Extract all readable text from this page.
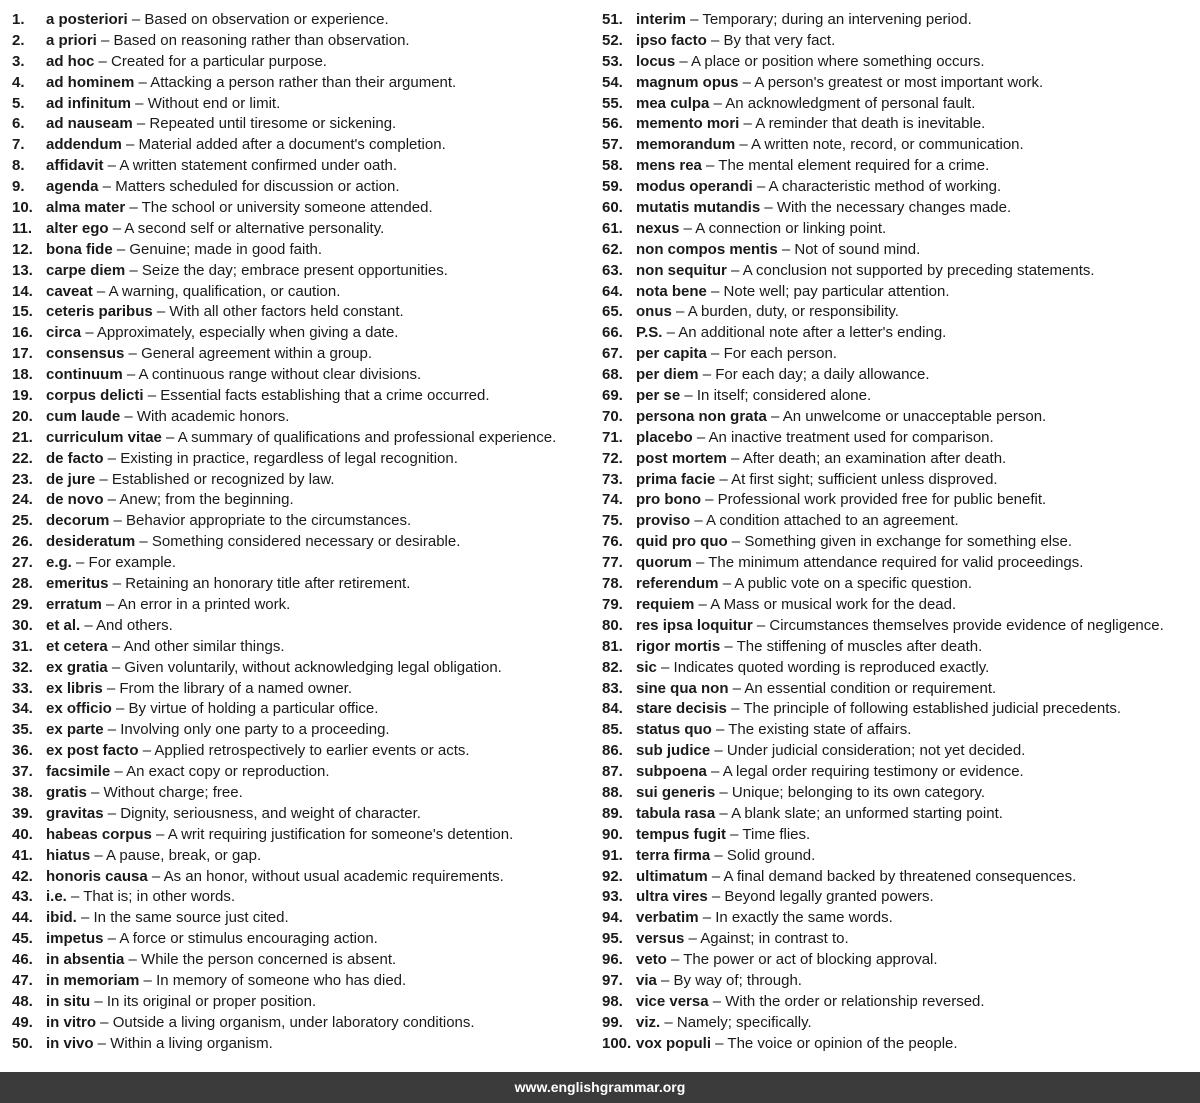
1. a posteriori – Based on observation or experience.
2. a priori – Based on reasoning rather than observation.
3. ad hoc – Created for a particular purpose.
4. ad hominem – Attacking a person rather than their argument.
5. ad infinitum – Without end or limit.
6. ad nauseam – Repeated until tiresome or sickening.
7. addendum – Material added after a document's completion.
8. affidavit – A written statement confirmed under oath.
9. agenda – Matters scheduled for discussion or action.
10. alma mater – The school or university someone attended.
11. alter ego – A second self or alternative personality.
12. bona fide – Genuine; made in good faith.
13. carpe diem – Seize the day; embrace present opportunities.
14. caveat – A warning, qualification, or caution.
15. ceteris paribus – With all other factors held constant.
16. circa – Approximately, especially when giving a date.
17. consensus – General agreement within a group.
18. continuum – A continuous range without clear divisions.
19. corpus delicti – Essential facts establishing that a crime occurred.
20. cum laude – With academic honors.
21. curriculum vitae – A summary of qualifications and professional experience.
22. de facto – Existing in practice, regardless of legal recognition.
23. de jure – Established or recognized by law.
24. de novo – Anew; from the beginning.
25. decorum – Behavior appropriate to the circumstances.
26. desideratum – Something considered necessary or desirable.
27. e.g. – For example.
28. emeritus – Retaining an honorary title after retirement.
29. erratum – An error in a printed work.
30. et al. – And others.
31. et cetera – And other similar things.
32. ex gratia – Given voluntarily, without acknowledging legal obligation.
33. ex libris – From the library of a named owner.
34. ex officio – By virtue of holding a particular office.
35. ex parte – Involving only one party to a proceeding.
36. ex post facto – Applied retrospectively to earlier events or acts.
37. facsimile – An exact copy or reproduction.
38. gratis – Without charge; free.
39. gravitas – Dignity, seriousness, and weight of character.
40. habeas corpus – A writ requiring justification for someone's detention.
41. hiatus – A pause, break, or gap.
42. honoris causa – As an honor, without usual academic requirements.
43. i.e. – That is; in other words.
44. ibid. – In the same source just cited.
45. impetus – A force or stimulus encouraging action.
46. in absentia – While the person concerned is absent.
47. in memoriam – In memory of someone who has died.
48. in situ – In its original or proper position.
49. in vitro – Outside a living organism, under laboratory conditions.
50. in vivo – Within a living organism.
51. interim – Temporary; during an intervening period.
52. ipso facto – By that very fact.
53. locus – A place or position where something occurs.
54. magnum opus – A person's greatest or most important work.
55. mea culpa – An acknowledgment of personal fault.
56. memento mori – A reminder that death is inevitable.
57. memorandum – A written note, record, or communication.
58. mens rea – The mental element required for a crime.
59. modus operandi – A characteristic method of working.
60. mutatis mutandis – With the necessary changes made.
61. nexus – A connection or linking point.
62. non compos mentis – Not of sound mind.
63. non sequitur – A conclusion not supported by preceding statements.
64. nota bene – Note well; pay particular attention.
65. onus – A burden, duty, or responsibility.
66. P.S. – An additional note after a letter's ending.
67. per capita – For each person.
68. per diem – For each day; a daily allowance.
69. per se – In itself; considered alone.
70. persona non grata – An unwelcome or unacceptable person.
71. placebo – An inactive treatment used for comparison.
72. post mortem – After death; an examination after death.
73. prima facie – At first sight; sufficient unless disproved.
74. pro bono – Professional work provided free for public benefit.
75. proviso – A condition attached to an agreement.
76. quid pro quo – Something given in exchange for something else.
77. quorum – The minimum attendance required for valid proceedings.
78. referendum – A public vote on a specific question.
79. requiem – A Mass or musical work for the dead.
80. res ipsa loquitur – Circumstances themselves provide evidence of negligence.
81. rigor mortis – The stiffening of muscles after death.
82. sic – Indicates quoted wording is reproduced exactly.
83. sine qua non – An essential condition or requirement.
84. stare decisis – The principle of following established judicial precedents.
85. status quo – The existing state of affairs.
86. sub judice – Under judicial consideration; not yet decided.
87. subpoena – A legal order requiring testimony or evidence.
88. sui generis – Unique; belonging to its own category.
89. tabula rasa – A blank slate; an unformed starting point.
90. tempus fugit – Time flies.
91. terra firma – Solid ground.
92. ultimatum – A final demand backed by threatened consequences.
93. ultra vires – Beyond legally granted powers.
94. verbatim – In exactly the same words.
95. versus – Against; in contrast to.
96. veto – The power or act of blocking approval.
97. via – By way of; through.
98. vice versa – With the order or relationship reversed.
99. viz. – Namely; specifically.
100. vox populi – The voice or opinion of the people.
www.englishgrammar.org
